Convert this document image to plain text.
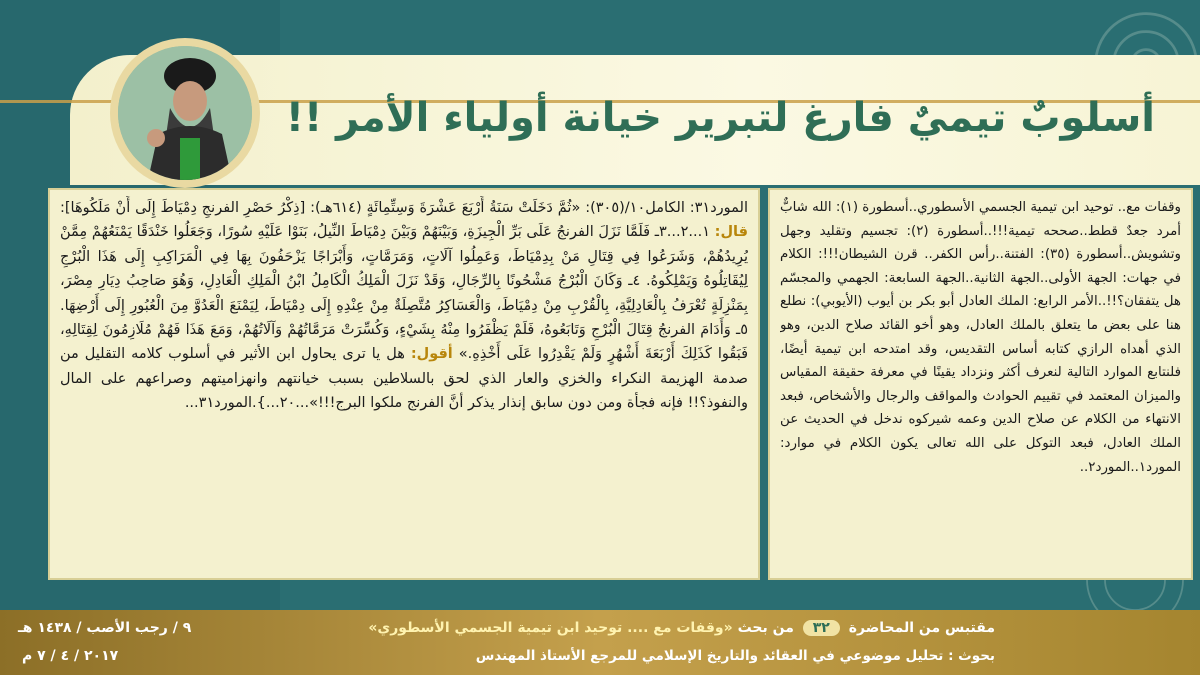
أسلوبٌ تيميٌ فارغ لتبرير خيانة أولياء الأمر !!
المورد٣١: الكامل١٠/(٣٠٥): «ثُمَّ دَخَلَتْ سَنَةُ أَرْبَعَ عَشْرَةَ وَسِتِّمِائَةٍ (٦١٤هـ): [ذِكْرُ حَصْرِ الفرنجِ دِمْيَاطَ إِلَى أَنْ مَلَكُوهَا]: قال: ١...٢...٣ـ فَلَمَّا نَزَلَ الفرنجُ عَلَى بَرِّ الْجِيزَةِ، وَبَيْنَهُمْ وَبَيْنَ دِمْيَاطَ النِّيلُ، بَنَوْا عَلَيْهِ سُورًا، وَجَعَلُوا خَنْدَقًا يَمْنَعُهُمْ مِمَّنْ يُرِيدُهُمْ، وَشَرَعُوا فِي قِتَالِ مَنْ بِدِمْيَاطَ، وَعَمِلُوا آلَاتٍ، وَمَرَمَّاتٍ، وَأَبْرَاجًا يَزْحَفُونَ بِهَا فِي الْمَرَاكِبِ إِلَى هَذَا الْبُرْجِ لِيُقَاتِلُوهُ وَيَمْلِكُوهُ. ٤ـ وَكَانَ الْبُرْجُ مَشْحُونًا بِالرِّجَالِ، وَقَدْ نَزَلَ الْمَلِكُ الْكَامِلُ ابْنُ الْمَلِكِ الْعَادِلِ، وَهُوَ صَاحِبُ دِيَارِ مِصْرَ، بِمَنْزِلَةٍ تُعْرَفُ بِالْعَادِلِيَّةِ، بِالْقُرْبِ مِنْ دِمْيَاطَ، وَالْعَسَاكِرُ مُتَّصِلَةٌ مِنْ عِنْدِهِ إِلَى دِمْيَاطَ، لِيَمْنَعَ الْعَدُوَّ مِنَ الْعُبُورِ إِلَى أَرْضِهَا. ٥ـ وَأَدَامَ الفرنجُ قِتَالَ الْبُرْجِ وَتَابَعُوهُ، فَلَمْ يَظْفَرُوا مِنْهُ بِشَيْءٍ، وَكُسِّرَتْ مَرَمَّاتُهُمْ وَآلَاتُهُمْ، وَمَعَ هَذَا فَهُمْ مُلَازِمُونَ لِقِتَالِهِ، فَبَقُوا كَذَلِكَ أَرْبَعَةَ أَشْهُرٍ وَلَمْ يَقْدِرُوا عَلَى أَخْذِهِ.» أقول: هل يا ترى يحاول ابن الأثير في أسلوب كلامه التقليل من صدمة الهزيمة النكراء والخزي والعار الذي لحق بالسلاطين بسبب خيانتهم وانهزاميتهم وصراعهم على المال والنفوذ؟!! فإنه فجأة ومن دون سابق إنذار يذكر أنَّ الفرنج ملكوا البرج!!!»...٢٠...}.المورد٣١...
وقفات مع.. توحيد ابن تيمية الجسمي الأسطوري..أسطورة (١): الله شابٌّ أمرد جعدٌ قطط..صححه تيمية!!!..أسطورة (٢): تجسيم وتقليد وجهل وتشويش..أسطورة (٣٥): الفتنة..رأس الكفر.. قرن الشيطان!!!: الكلام في جهات: الجهة الأولى..الجهة الثانية..الجهة السابعة: الجهمي والمجسّم هل يتفقان؟!!..الأمر الرابع: الملك العادل أبو بكر بن أيوب (الأيوبي): نطلع هنا على بعض ما يتعلق بالملك العادل، وهو أخو القائد صلاح الدين، وهو الذي أهداه الرازي كتابه أساس التقديس، وقد امتدحه ابن تيمية أيضًا، فلنتابع الموارد التالية لنعرف أكثر ونزداد يقينًا في معرفة حقيقة المقياس والميزان المعتمد في تقييم الحوادث والمواقف والرجال والأشخاص، فبعد الانتهاء من الكلام عن صلاح الدين وعمه شيركوه ندخل في الحديث عن الملك العادل، فبعد التوكل على الله تعالى يكون الكلام في موارد: المورد١..المورد٢..
مقتبس من المحاضرة ٣٢ من بحث «وقفات مع .... توحيد ابن تيمية الجسمي الأسطوري»
بحوث : تحليل موضوعي في العقائد والتاريخ الإسلامي للمرجع الأستاذ المهندس
٩ / رجب الأصب / ١٤٣٨ هـ
٢٠١٧ / ٤ / ٧ م
